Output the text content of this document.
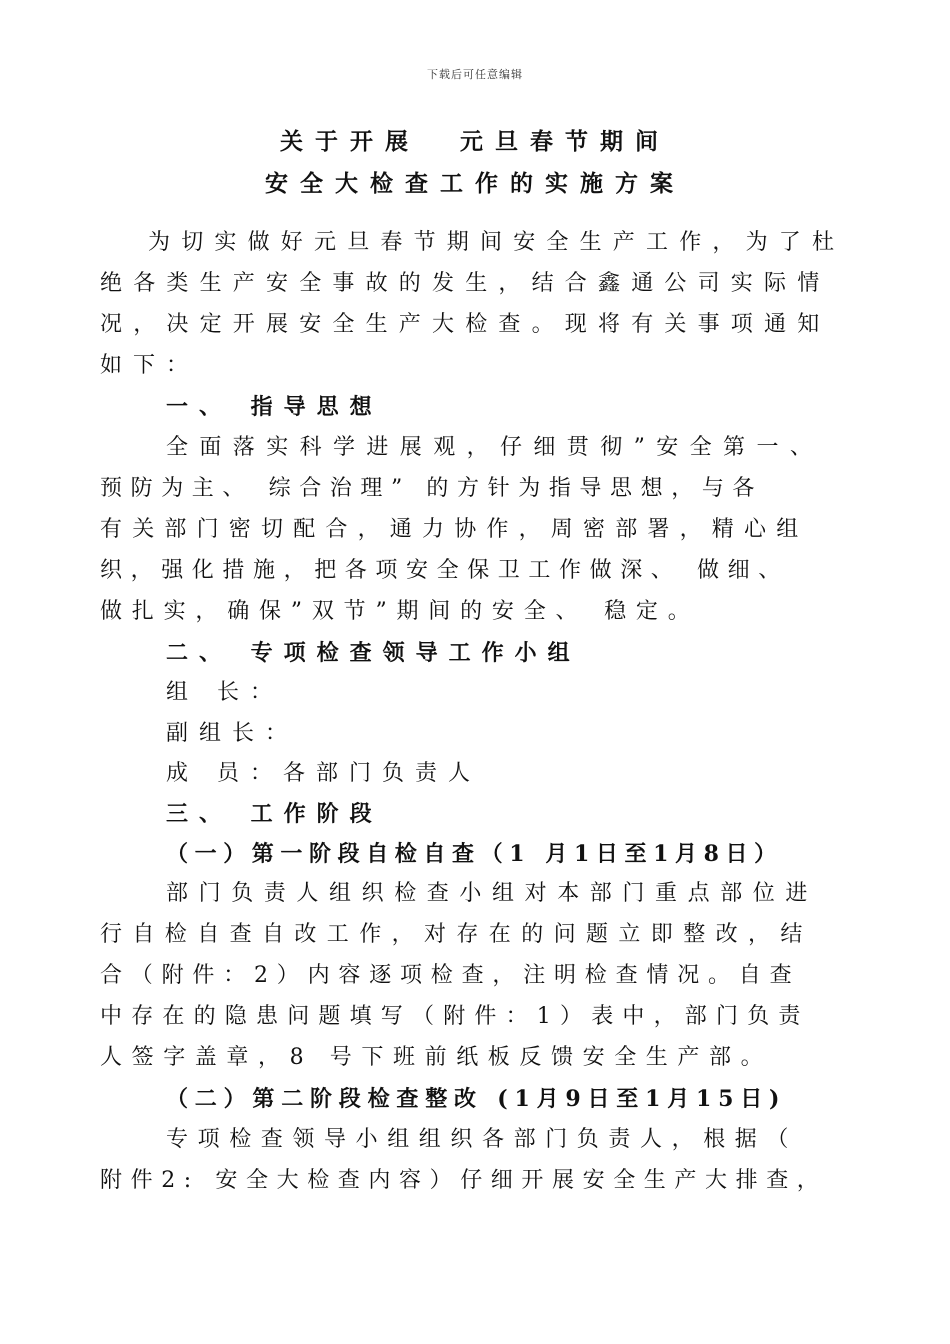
下载后可任意编辑
关于开展  元旦春节期间
安全大检查工作的实施方案
为切实做好元旦春节期间安全生产工作，为了杜
绝各类生产安全事故的发生，结合鑫通公司实际情
况，决定开展安全生产大检查。现将有关事项通知
如下：
一、 指导思想
全面落实科学进展观，仔细贯彻”安全第一、
预防为主、 综合治理” 的方针为指导思想，与各
有关部门密切配合，通力协作，周密部署，精心组
织，强化措施，把各项安全保卫工作做深、 做细、
做扎实，确保”双节”期间的安全、 稳定。
二、 专项检查领导工作小组
组 长：
副组长：
成 员：各部门负责人
三、 工作阶段
（一）第一阶段自检自查（1 月1日至1月8日）
部门负责人组织检查小组对本部门重点部位进
行自检自查自改工作，对存在的问题立即整改，结
合（附件：2）内容逐项检查，注明检查情况。自查
中存在的隐患问题填写（附件：1）表中，部门负责
人签字盖章，8 号下班前纸板反馈安全生产部。
（二）第二阶段检查整改 (1月9日至1月15日)
专项检查领导小组组织各部门负责人，根据（
附件2: 安全大检查内容）仔细开展安全生产大排查，
